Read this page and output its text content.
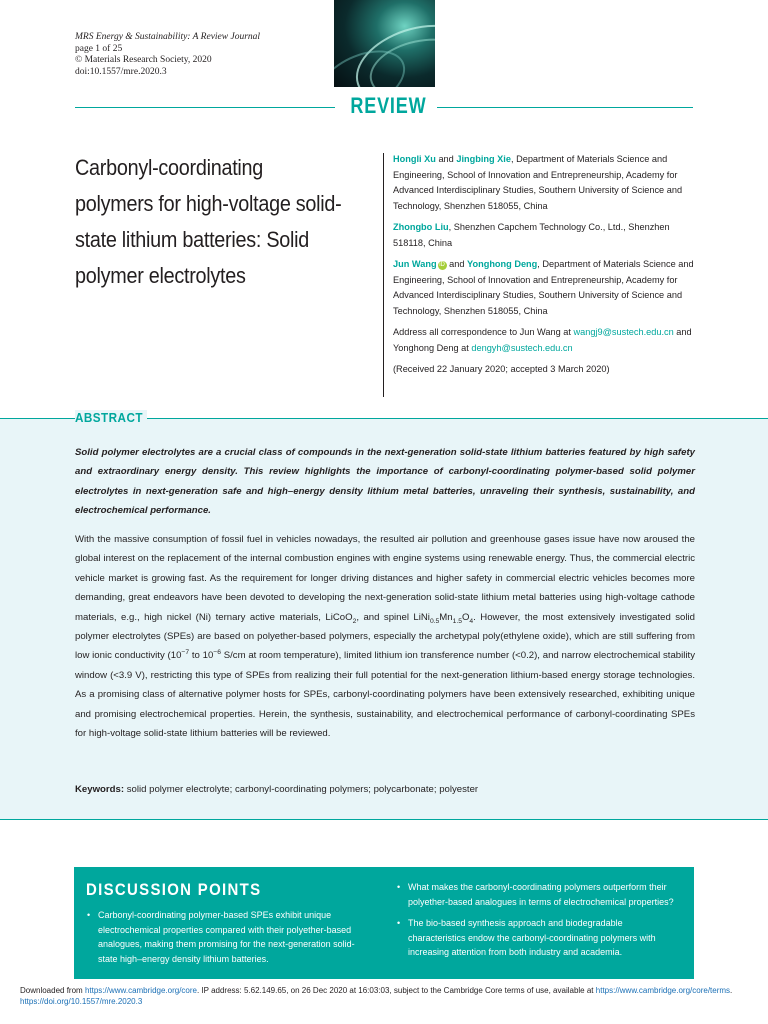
MRS Energy & Sustainability: A Review Journal
page 1 of 25
© Materials Research Society, 2020
doi:10.1557/mre.2020.3
REVIEW
Carbonyl-coordinating polymers for high-voltage solid-state lithium batteries: Solid polymer electrolytes

Hongli Xu and Jingbing Xie, Department of Materials Science and Engineering, School of Innovation and Entrepreneurship, Academy for Advanced Interdisciplinary Studies, Southern University of Science and Technology, Shenzhen 518055, China

Zhongbo Liu, Shenzhen Capchem Technology Co., Ltd., Shenzhen 518118, China

Jun Wang iD and Yonghong Deng, Department of Materials Science and Engineering, School of Innovation and Entrepreneurship, Academy for Advanced Interdisciplinary Studies, Southern University of Science and Technology, Shenzhen 518055, China

Address all correspondence to Jun Wang at wangj9@sustech.edu.cn and Yonghong Deng at dengyh@sustech.edu.cn

(Received 22 January 2020; accepted 3 March 2020)

ABSTRACT

Solid polymer electrolytes are a crucial class of compounds in the next-generation solid-state lithium batteries featured by high safety and extraordinary energy density. This review highlights the importance of carbonyl-coordinating polymer-based solid polymer electrolytes in next-generation safe and high–energy density lithium metal batteries, unraveling their synthesis, sustainability, and electrochemical performance.

With the massive consumption of fossil fuel in vehicles nowadays, the resulted air pollution and greenhouse gases issue have now aroused the global interest on the replacement of the internal combustion engines with engine systems using renewable energy. Thus, the commercial electric vehicle market is growing fast. As the requirement for longer driving distances and higher safety in commercial electric vehicles becomes more demanding, great endeavors have been devoted to developing the next-generation solid-state lithium metal batteries using high-voltage cathode materials, e.g., high nickel (Ni) ternary active materials, LiCoO$_2$, and spinel $LiNi_{0.5}Mn_{1.5}O_4$. However, the most extensively investigated solid polymer electrolytes (SPEs) are based on polyether-based polymers, especially the archetypal poly(ethylene oxide), which are still suffering from low ionic conductivity ($10^{-7}$ to $10^{-6}$ S/cm at room temperature), limited lithium ion transference number (<0.2), and narrow electrochemical stability window (<3.9 V), restricting this type of SPEs from realizing their full potential for the next-generation lithium-based energy storage technologies. As a promising class of alternative polymer hosts for SPEs, carbonyl-coordinating polymers have been extensively researched, exhibiting unique and promising electrochemical properties. Herein, the synthesis, sustainability, and electrochemical performance of carbonyl-coordinating SPEs for high-voltage solid-state lithium batteries will be reviewed.

Keywords: solid polymer electrolyte; carbonyl-coordinating polymers; polycarbonate; polyester
DISCUSSION POINTS
• Carbonyl-coordinating polymer-based SPEs exhibit unique electrochemical properties compared with their polyether-based analogues, making them promising for the next-generation solid-state high–energy density lithium batteries.
• What makes the carbonyl-coordinating polymers outperform their polyether-based analogues in terms of electrochemical properties?
• The bio-based synthesis approach and biodegradable characteristics endow the carbonyl-coordinating polymers with increasing attention from both industry and academia.
Downloaded from https://www.cambridge.org/core. IP address: 5.62.149.65, on 26 Dec 2020 at 16:03:03, subject to the Cambridge Core terms of use, available at https://www.cambridge.org/core/terms.
https://doi.org/10.1557/mre.2020.3
